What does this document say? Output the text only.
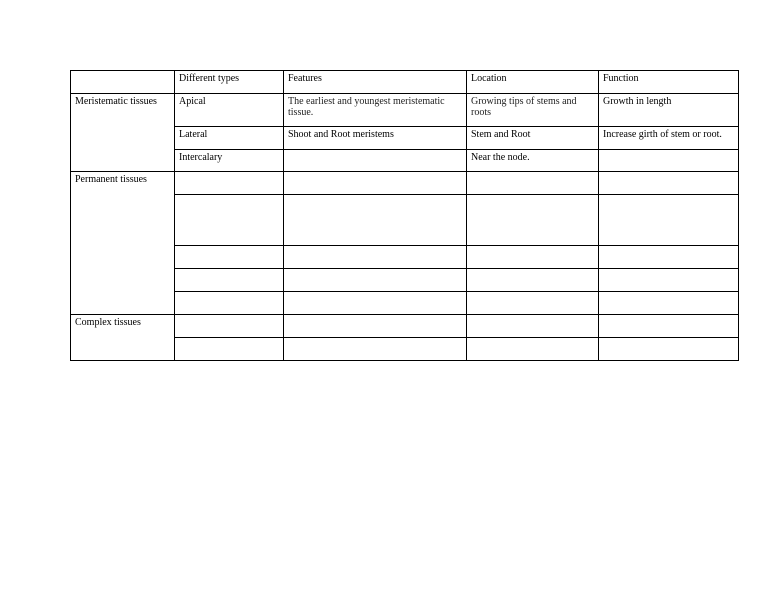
	Different types	Features	Location	Function
Meristematic tissues	Apical	The earliest and youngest meristematic tissue.	Growing tips of stems and roots	Growth in length
	Lateral	Shoot and Root meristems	Stem and Root	Increase girth of stem or root.
	Intercalary		Near the node.	
Permanent tissues				

Complex tissues				
